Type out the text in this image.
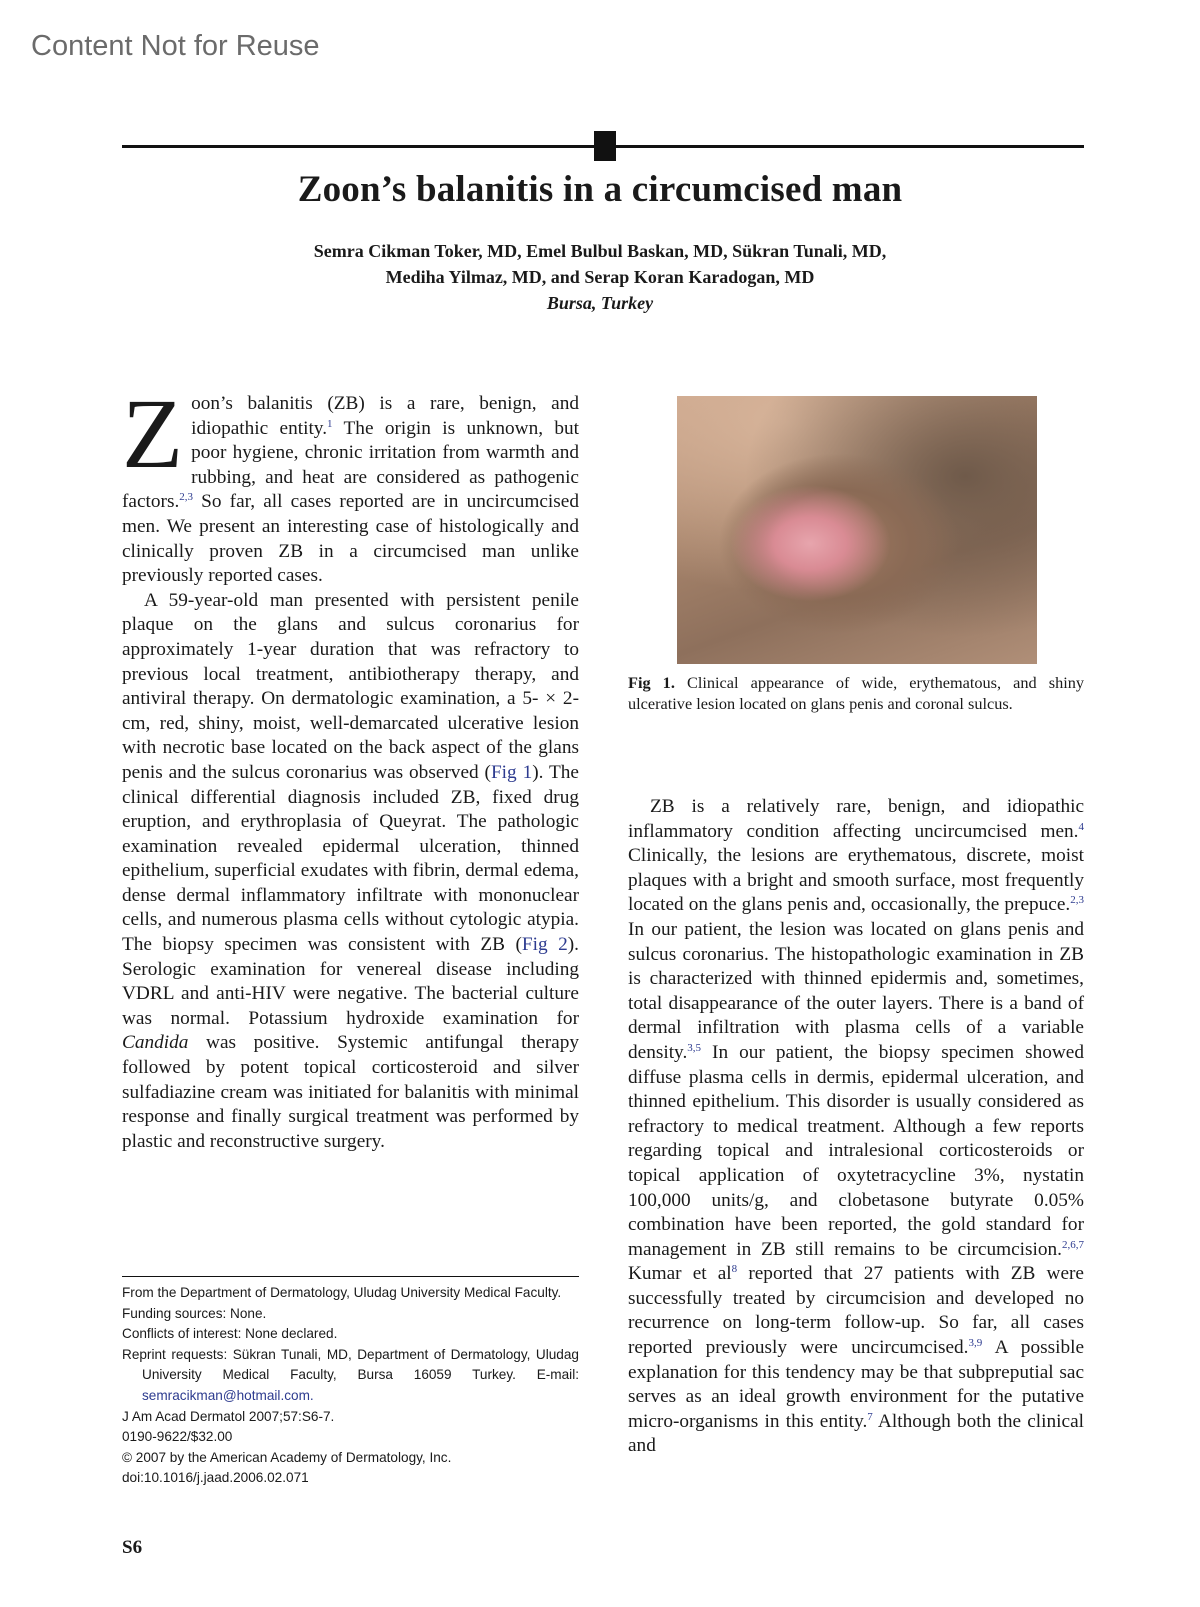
Content Not for Reuse
Zoon’s balanitis in a circumcised man
Semra Cikman Toker, MD, Emel Bulbul Baskan, MD, Sükran Tunali, MD,
Mediha Yilmaz, MD, and Serap Koran Karadogan, MD
Bursa, Turkey

Zoon’s balanitis (ZB) is a rare, benign, and idiopathic entity.$^1$ The origin is unknown, but poor hygiene, chronic irritation from warmth and rubbing, and heat are considered as pathogenic factors.$^{2,3}$ So far, all cases reported are in uncircumcised men. We present an interesting case of histologically and clinically proven ZB in a circumcised man unlike previously reported cases.

A 59-year-old man presented with persistent penile plaque on the glans and sulcus coronarius for approximately 1-year duration that was refractory to previous local treatment, antibiotherapy therapy, and antiviral therapy. On dermatologic examination, a 5- × 2-cm, red, shiny, moist, well-demarcated ulcerative lesion with necrotic base located on the back aspect of the glans penis and the sulcus coronarius was observed (Fig 1). The clinical differential diagnosis included ZB, fixed drug eruption, and erythroplasia of Queyrat. The pathologic examination revealed epidermal ulceration, thinned epithelium, superficial exudates with fibrin, dermal edema, dense dermal inflammatory infiltrate with mononuclear cells, and numerous plasma cells without cytologic atypia. The biopsy specimen was consistent with ZB (Fig 2). Serologic examination for venereal disease including VDRL and anti-HIV were negative. The bacterial culture was normal. Potassium hydroxide examination for Candida was positive. Systemic antifungal therapy followed by potent topical corticosteroid and silver sulfadiazine cream was initiated for balanitis with minimal response and finally surgical treatment was performed by plastic and reconstructive surgery.

Fig 1. Clinical appearance of wide, erythematous, and shiny ulcerative lesion located on glans penis and coronal sulcus.

ZB is a relatively rare, benign, and idiopathic inflammatory condition affecting uncircumcised men.$^4$ Clinically, the lesions are erythematous, discrete, moist plaques with a bright and smooth surface, most frequently located on the glans penis and, occasionally, the prepuce.$^{2,3}$ In our patient, the lesion was located on glans penis and sulcus coronarius. The histopathologic examination in ZB is characterized with thinned epidermis and, sometimes, total disappearance of the outer layers. There is a band of dermal infiltration with plasma cells of a variable density.$^{3,5}$ In our patient, the biopsy specimen showed diffuse plasma cells in dermis, epidermal ulceration, and thinned epithelium. This disorder is usually considered as refractory to medical treatment. Although a few reports regarding topical and intralesional corticosteroids or topical application of oxytetracycline 3%, nystatin 100,000 units/g, and clobetasone butyrate 0.05% combination have been reported, the gold standard for management in ZB still remains to be circumcision.$^{2,6,7}$ Kumar et $al^8$ reported that 27 patients with ZB were successfully treated by circumcision and developed no recurrence on long-term follow-up. So far, all cases reported previously were uncircumcised.$^{3,9}$ A possible explanation for this tendency may be that subpreputial sac serves as an ideal growth environment for the putative micro-organisms in this entity.$^7$ Although both the clinical and

From the Department of Dermatology, Uludag University Medical Faculty.
Funding sources: None.
Conflicts of interest: None declared.
Reprint requests: Sükran Tunali, MD, Department of Dermatology, Uludag University Medical Faculty, Bursa 16059 Turkey. E-mail: semracikman@hotmail.com.
J Am Acad Dermatol 2007;57:S6-7.
0190-9622/$32.00
© 2007 by the American Academy of Dermatology, Inc.
doi:10.1016/j.jaad.2006.02.071
S6
